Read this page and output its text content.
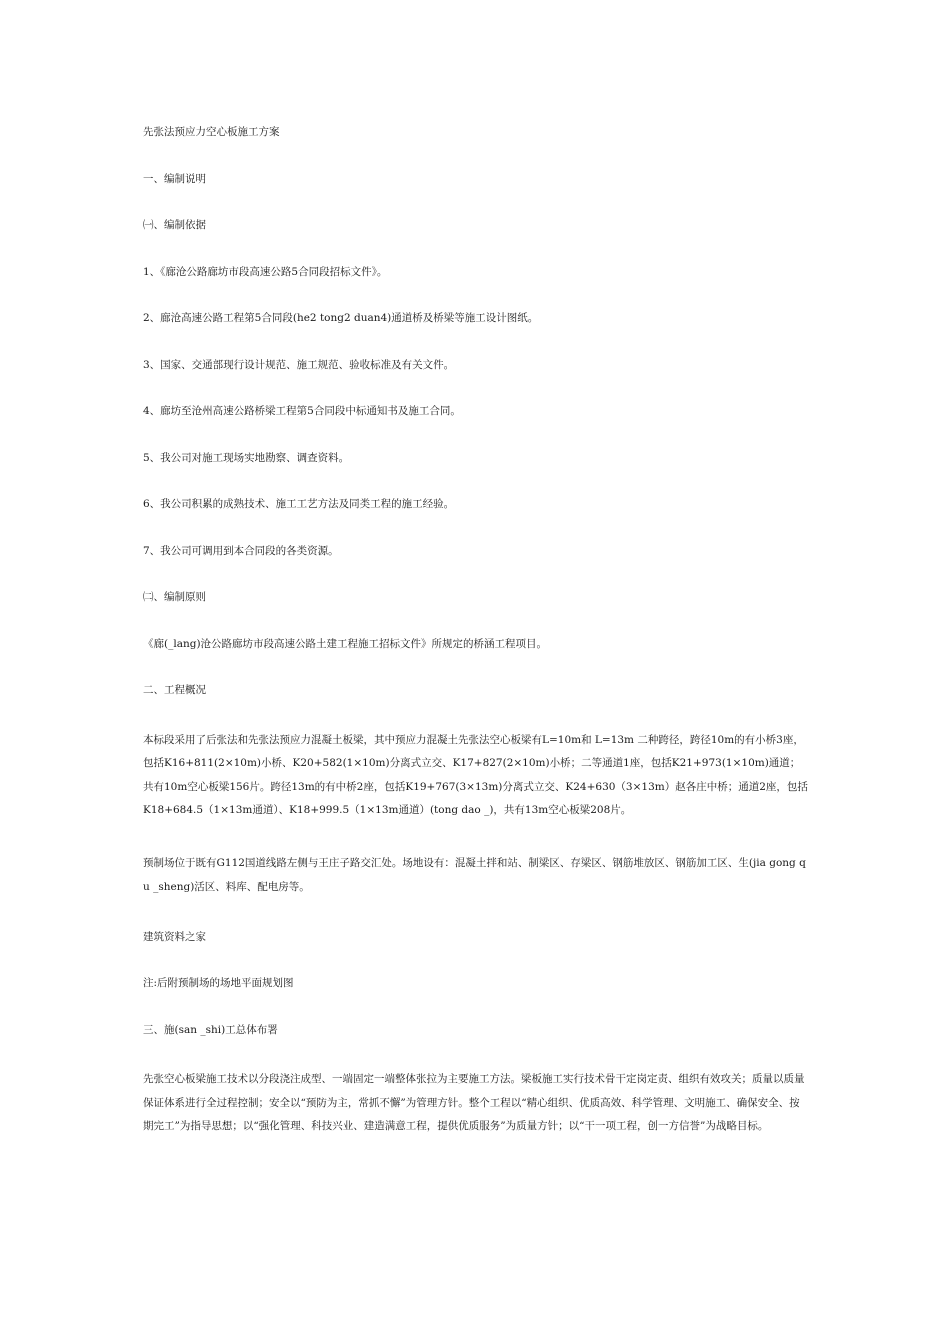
先张法预应力空心板施工方案

一、编制说明

㈠、编制依据

1、《廊沧公路廊坊市段高速公路5合同段招标文件》。

2、廊沧高速公路工程第5合同段(he2 tong2 duan4)通道桥及桥梁等施工设计图纸。

3、国家、交通部现行设计规范、施工规范、验收标准及有关文件。

4、廊坊至沧州高速公路桥梁工程第5合同段中标通知书及施工合同。

5、我公司对施工现场实地勘察、调查资料。

6、我公司积累的成熟技术、施工工艺方法及同类工程的施工经验。

7、我公司可调用到本合同段的各类资源。

㈡、编制原则

《廊(_lang)沧公路廊坊市段高速公路土建工程施工招标文件》所规定的桥涵工程项目。

二、工程概况

本标段采用了后张法和先张法预应力混凝土板梁，其中预应力混凝土先张法空心板梁有L=10m和 L=13m 二种跨径，跨径10m的有小桥3座，包括K16+811(2×10m)小桥、K20+582(1×10m)分离式立交、K17+827(2×10m)小桥；二等通道1座，包括K21+973(1×10m)通道；共有10m空心板梁156片。跨径13m的有中桥2座，包括K19+767(3×13m)分离式立交、K24+630（3×13m）赵各庄中桥；通道2座，包括K18+684.5（1×13m通道）、K18+999.5（1×13m通道）(tong dao _)，共有13m空心板梁208片。

预制场位于既有G112国道线路左侧与王庄子路交汇处。场地设有：混凝土拌和站、制梁区、存梁区、钢筋堆放区、钢筋加工区、生(jia gong qu _sheng)活区、料库、配电房等。

建筑资料之家

注:后附预制场的场地平面规划图

三、施(san _shi)工总体布署

先张空心板梁施工技术以分段浇注成型、一端固定一端整体张拉为主要施工方法。梁板施工实行技术骨干定岗定责、组织有效攻关；质量以质量保证体系进行全过程控制；安全以“预防为主，常抓不懈”为管理方针。整个工程以“精心组织、优质高效、科学管理、文明施工、确保安全、按期完工”为指导思想；以“强化管理、科技兴业、建造满意工程，提供优质服务”为质量方针；以“干一项工程，创一方信誉”为战略目标。
